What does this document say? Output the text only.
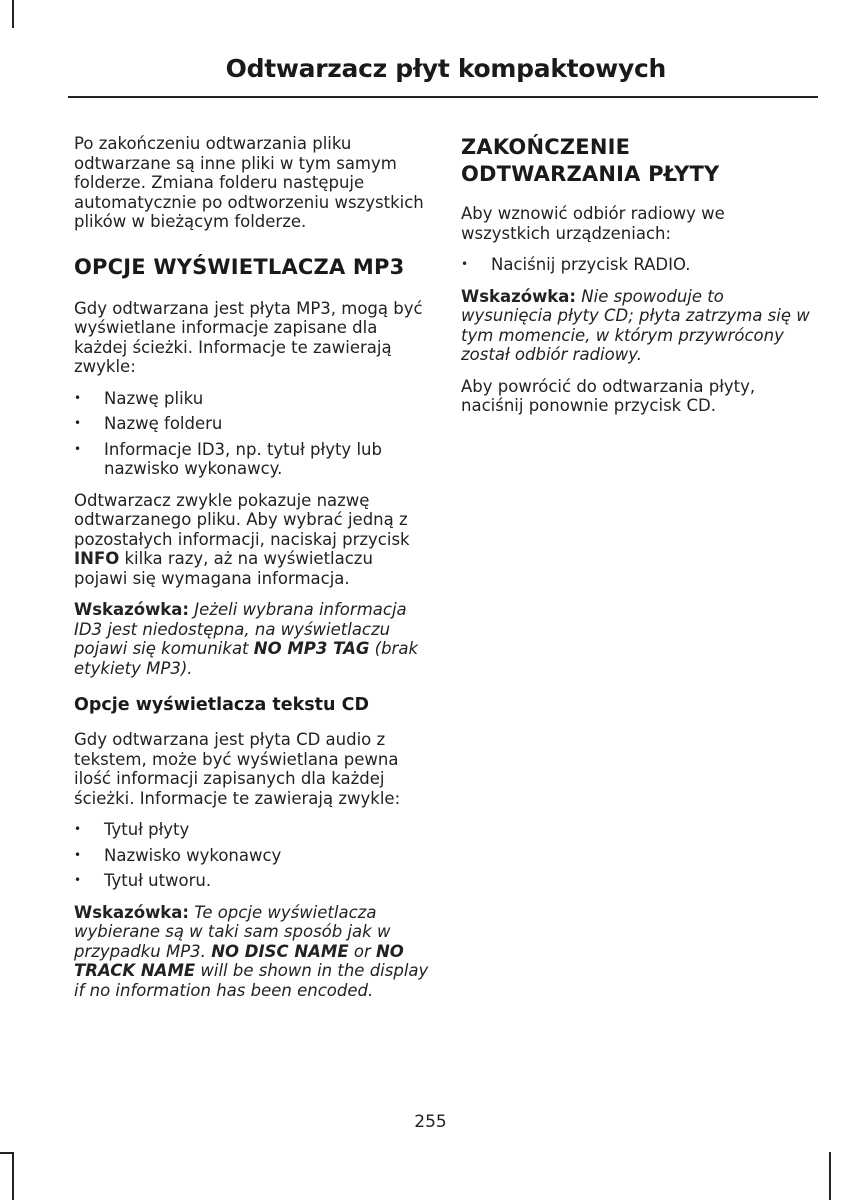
Odtwarzacz płyt kompaktowych

Po zakończeniu odtwarzania pliku odtwarzane są inne pliki w tym samym folderze. Zmiana folderu następuje automatycznie po odtworzeniu wszystkich plików w bieżącym folderze.

OPCJE WYŚWIETLACZA MP3

Gdy odtwarzana jest płyta MP3, mogą być wyświetlane informacje zapisane dla każdej ścieżki. Informacje te zawierają zwykle:

• Nazwę pliku
• Nazwę folderu
• Informacje ID3, np. tytuł płyty lub nazwisko wykonawcy.

Odtwarzacz zwykle pokazuje nazwę odtwarzanego pliku. Aby wybrać jedną z pozostałych informacji, naciskaj przycisk INFO kilka razy, aż na wyświetlaczu pojawi się wymagana informacja.

Wskazówka: Jeżeli wybrana informacja ID3 jest niedostępna, na wyświetlaczu pojawi się komunikat NO MP3 TAG (brak etykiety MP3).

Opcje wyświetlacza tekstu CD

Gdy odtwarzana jest płyta CD audio z tekstem, może być wyświetlana pewna ilość informacji zapisanych dla każdej ścieżki. Informacje te zawierają zwykle:

• Tytuł płyty
• Nazwisko wykonawcy
• Tytuł utworu.

Wskazówka: Te opcje wyświetlacza wybierane są w taki sam sposób jak w przypadku MP3. NO DISC NAME or NO TRACK NAME will be shown in the display if no information has been encoded.

ZAKOŃCZENIE ODTWARZANIA PŁYTY

Aby wznowić odbiór radiowy we wszystkich urządzeniach:

• Naciśnij przycisk RADIO.

Wskazówka: Nie spowoduje to wysunięcia płyty CD; płyta zatrzyma się w tym momencie, w którym przywrócony został odbiór radiowy.

Aby powrócić do odtwarzania płyty, naciśnij ponownie przycisk CD.

255
